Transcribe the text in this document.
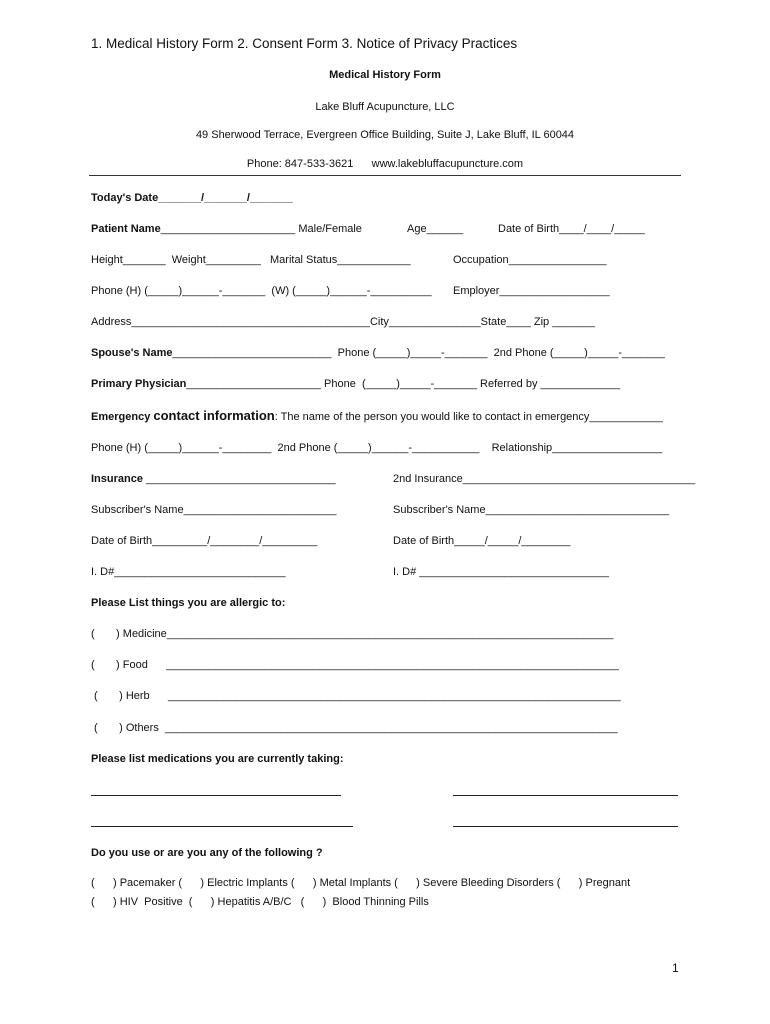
1. Medical History Form 2. Consent Form 3. Notice of Privacy Practices
Medical History Form
Lake Bluff Acupuncture, LLC
49 Sherwood Terrace, Evergreen Office Building, Suite J, Lake Bluff, IL 60044
Phone: 847-533-3621      www.lakebluffacupuncture.com
Today's Date_______/_______/_______
Patient Name______________________ Male/Female	Age______	Date of Birth____/____/_____
Height_______  Weight_________   Marital Status____________	Occupation________________
Phone (H) (_____)______-_______  (W) (_____)______-__________ Employer__________________
Address_______________________________________City_______________State____ Zip _______
Spouse's Name__________________________  Phone (_____)_____-_______  2nd Phone (_____)_____-_______
Primary Physician______________________ Phone  (_____)_____-_______ Referred by _____________
Emergency contact information: The name of the person you would like to contact in emergency____________
Phone (H) (_____)______-________  2nd Phone (_____)______-___________    Relationship__________________
Insurance _______________________________	2nd Insurance______________________________________
Subscriber's Name_________________________	Subscriber's Name______________________________
Date of Birth_________/________/_________	Date of Birth_____/_____/________
I. D#____________________________	I. D# _______________________________
Please List things you are allergic to:
(       ) Medicine_________________________________________________________________________
(       ) Food      __________________________________________________________________________
(       ) Herb      __________________________________________________________________________
(       ) Others  __________________________________________________________________________
Please list medications you are currently taking:
Do you use or are you any of the following ?
(      ) Pacemaker (      ) Electric Implants (      ) Metal Implants (      ) Severe Bleeding Disorders (      ) Pregnant
(      ) HIV  Positive  (      ) Hepatitis A/B/C   (      )  Blood Thinning Pills
1
